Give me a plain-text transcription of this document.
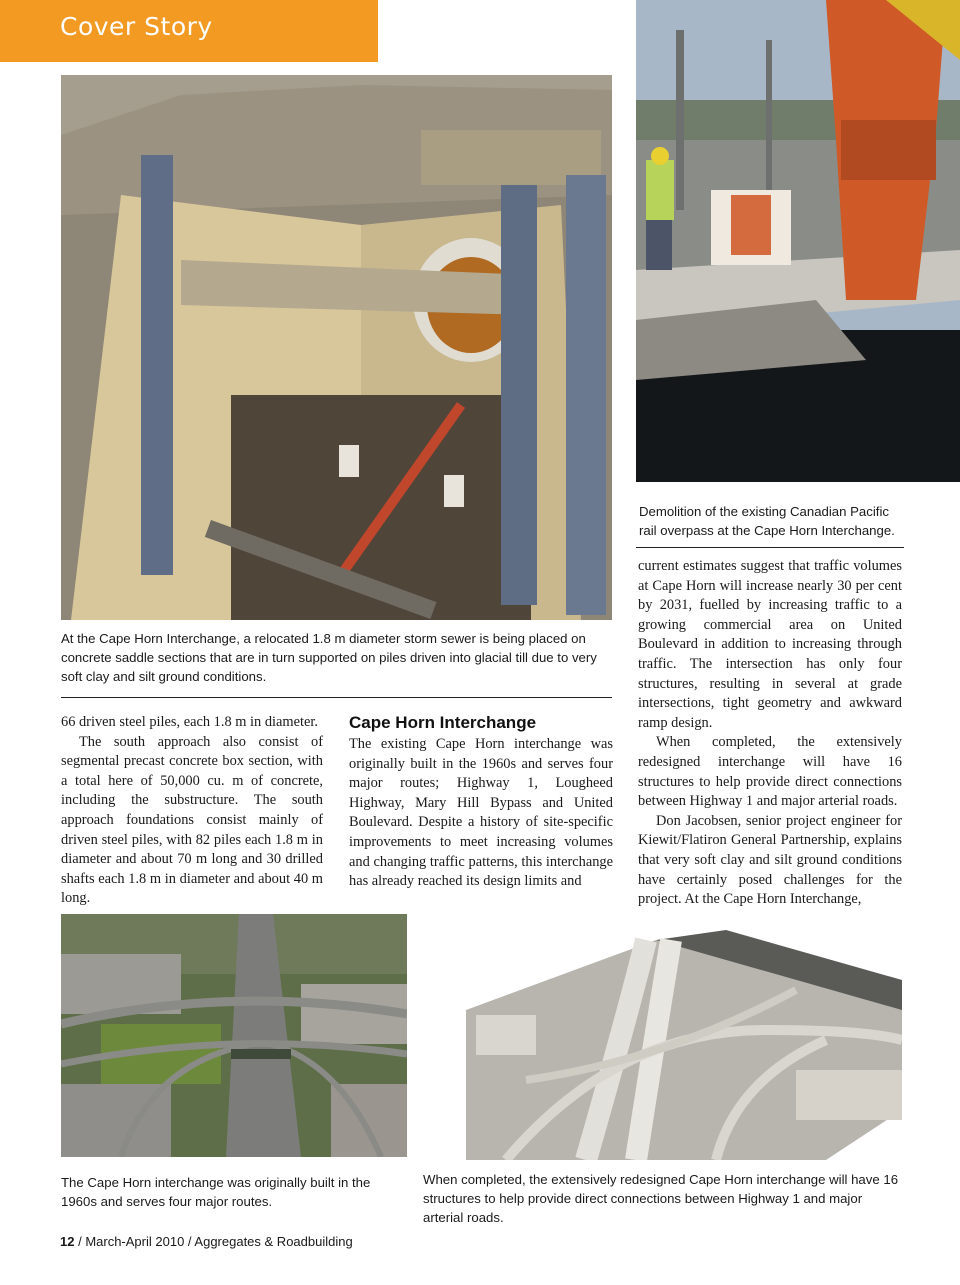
Cover Story
Demolition of the existing Canadian Pacific rail overpass at the Cape Horn Interchange.
At the Cape Horn Interchange, a relocated 1.8 m diameter storm sewer is being placed on concrete saddle sections that are in turn supported on piles driven into glacial till due to very soft clay and silt ground conditions.

66 driven steel piles, each 1.8 m in diameter.

The south approach also consist of segmental precast concrete box section, with a total here of 50,000 cu. m of concrete, including the substructure. The south approach foundations consist mainly of driven steel piles, with 82 piles each 1.8 m in diameter and about 70 m long and 30 drilled shafts each 1.8 m in diameter and about 40 m long.

Cape Horn Interchange

The existing Cape Horn interchange was originally built in the 1960s and serves four major routes; Highway 1, Lougheed Highway, Mary Hill Bypass and United Boulevard. Despite a history of site-specific improvements to meet increasing volumes and changing traffic patterns, this interchange has already reached its design limits and

current estimates suggest that traffic volumes at Cape Horn will increase nearly 30 per cent by 2031, fuelled by increasing traffic to a growing commercial area on United Boulevard in addition to increasing through traffic. The intersection has only four structures, resulting in several at grade intersections, tight geometry and awkward ramp design.

When completed, the extensively redesigned interchange will have 16 structures to help provide direct connections between Highway 1 and major arterial roads.

Don Jacobsen, senior project engineer for Kiewit/Flatiron General Partnership, explains that very soft clay and silt ground conditions have certainly posed challenges for the project. At the Cape Horn Interchange,

The Cape Horn interchange was originally built in the 1960s and serves four major routes.
When completed, the extensively redesigned Cape Horn interchange will have 16 structures to help provide direct connections between Highway 1 and major arterial roads.
12 / March-April 2010 / Aggregates & Roadbuilding
